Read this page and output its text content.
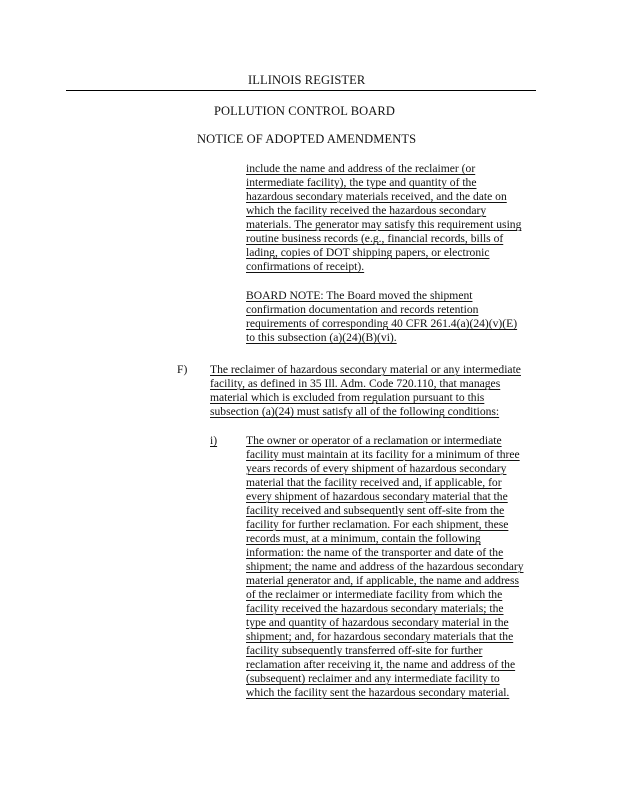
ILLINOIS REGISTER
POLLUTION CONTROL BOARD
NOTICE OF ADOPTED AMENDMENTS
include the name and address of the reclaimer (or
intermediate facility), the type and quantity of the
hazardous secondary materials received, and the date on
which the facility received the hazardous secondary
materials. The generator may satisfy this requirement using
routine business records (e.g., financial records, bills of
lading, copies of DOT shipping papers, or electronic
confirmations of receipt).
BOARD NOTE: The Board moved the shipment
confirmation documentation and records retention
requirements of corresponding 40 CFR 261.4(a)(24)(v)(E)
to this subsection (a)(24)(B)(vi).
F) The reclaimer of hazardous secondary material or any intermediate
facility, as defined in 35 Ill. Adm. Code 720.110, that manages
material which is excluded from regulation pursuant to this
subsection (a)(24) must satisfy all of the following conditions:
i) The owner or operator of a reclamation or intermediate
facility must maintain at its facility for a minimum of three
years records of every shipment of hazardous secondary
material that the facility received and, if applicable, for
every shipment of hazardous secondary material that the
facility received and subsequently sent off-site from the
facility for further reclamation. For each shipment, these
records must, at a minimum, contain the following
information: the name of the transporter and date of the
shipment; the name and address of the hazardous secondary
material generator and, if applicable, the name and address
of the reclaimer or intermediate facility from which the
facility received the hazardous secondary materials; the
type and quantity of hazardous secondary material in the
shipment; and, for hazardous secondary materials that the
facility subsequently transferred off-site for further
reclamation after receiving it, the name and address of the
(subsequent) reclaimer and any intermediate facility to
which the facility sent the hazardous secondary material.
